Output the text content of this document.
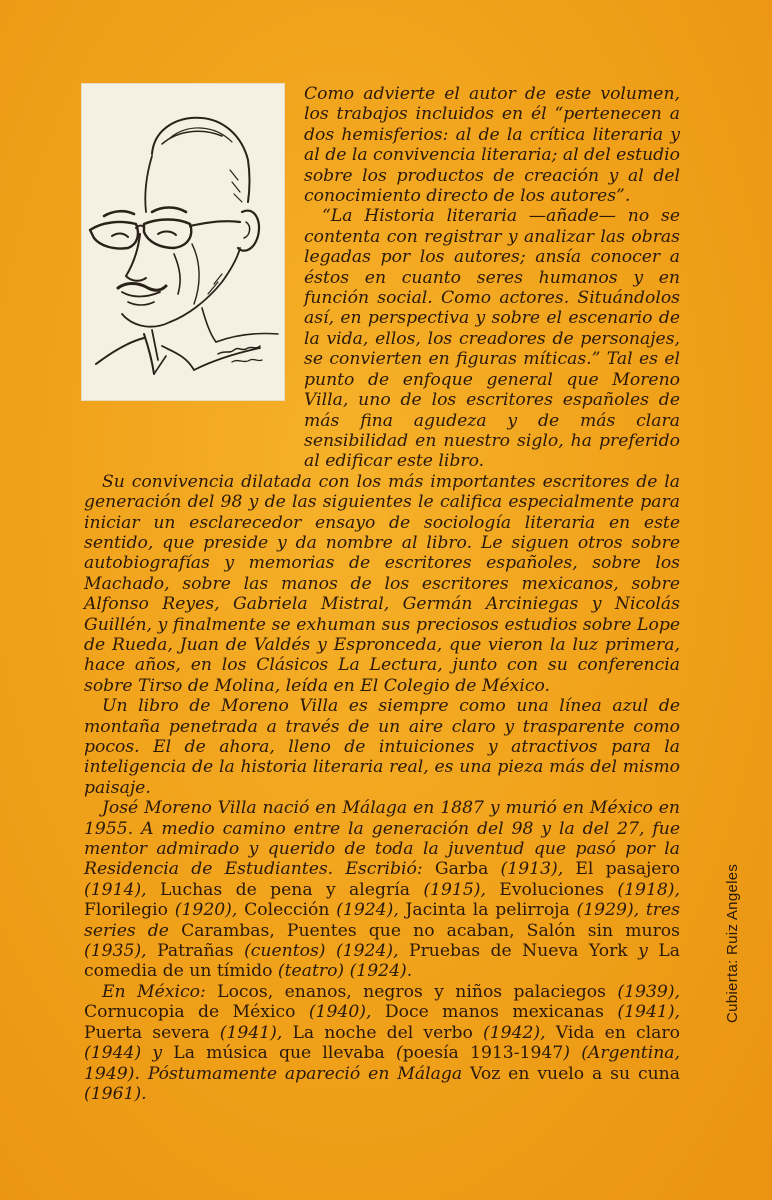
Como advierte el autor de este volumen, los trabajos incluidos en él “pertenecen a dos hemisferios: al de la crítica literaria y al de la convivencia literaria; al del estudio sobre los productos de creación y al del conocimiento directo de los autores”.

“La Historia literaria —añade— no se contenta con registrar y analizar las obras legadas por los autores; ansía conocer a éstos en cuanto seres humanos y en función social. Como actores. Situándolos así, en perspectiva y sobre el escenario de la vida, ellos, los creadores de personajes, se convierten en figuras míticas.” Tal es el punto de enfoque general que Moreno Villa, uno de los escritores españoles de más fina agudeza y de más clara sensibilidad en nuestro siglo, ha preferido al edificar este libro.

Su convivencia dilatada con los más importantes escritores de la generación del 98 y de las siguientes le califica especialmente para iniciar un esclarecedor ensayo de sociología literaria en este sentido, que preside y da nombre al libro. Le siguen otros sobre autobiografías y memorias de escritores españoles, sobre los Machado, sobre las manos de los escritores mexicanos, sobre Alfonso Reyes, Gabriela Mistral, Germán Arciniegas y Nicolás Guillén, y finalmente se exhuman sus preciosos estudios sobre Lope de Rueda, Juan de Valdés y Espronceda, que vieron la luz primera, hace años, en los Clásicos La Lectura, junto con su conferencia sobre Tirso de Molina, leída en El Colegio de México.

Un libro de Moreno Villa es siempre como una línea azul de montaña penetrada a través de un aire claro y trasparente como pocos. El de ahora, lleno de intuiciones y atractivos para la inteligencia de la historia literaria real, es una pieza más del mismo paisaje.

José Moreno Villa nació en Málaga en 1887 y murió en México en 1955. A medio camino entre la generación del 98 y la del 27, fue mentor admirado y querido de toda la juventud que pasó por la Residencia de Estudiantes. Escribió: Garba (1913), El pasajero (1914), Luchas de pena y alegría (1915), Evoluciones (1918), Florilegio (1920), Colección (1924), Jacinta la pelirroja (1929), tres series de Carambas, Puentes que no acaban, Salón sin muros (1935), Patrañas (cuentos) (1924), Pruebas de Nueva York y La comedia de un tímido (teatro) (1924).

En México: Locos, enanos, negros y niños palaciegos (1939), Cornucopia de México (1940), Doce manos mexicanas (1941), Puerta severa (1941), La noche del verbo (1942), Vida en claro (1944) y La música que llevaba (poesía 1913-1947) (Argentina, 1949). Póstumamente apareció en Málaga Voz en vuelo a su cuna (1961).

Cubierta: Ruiz Angeles
